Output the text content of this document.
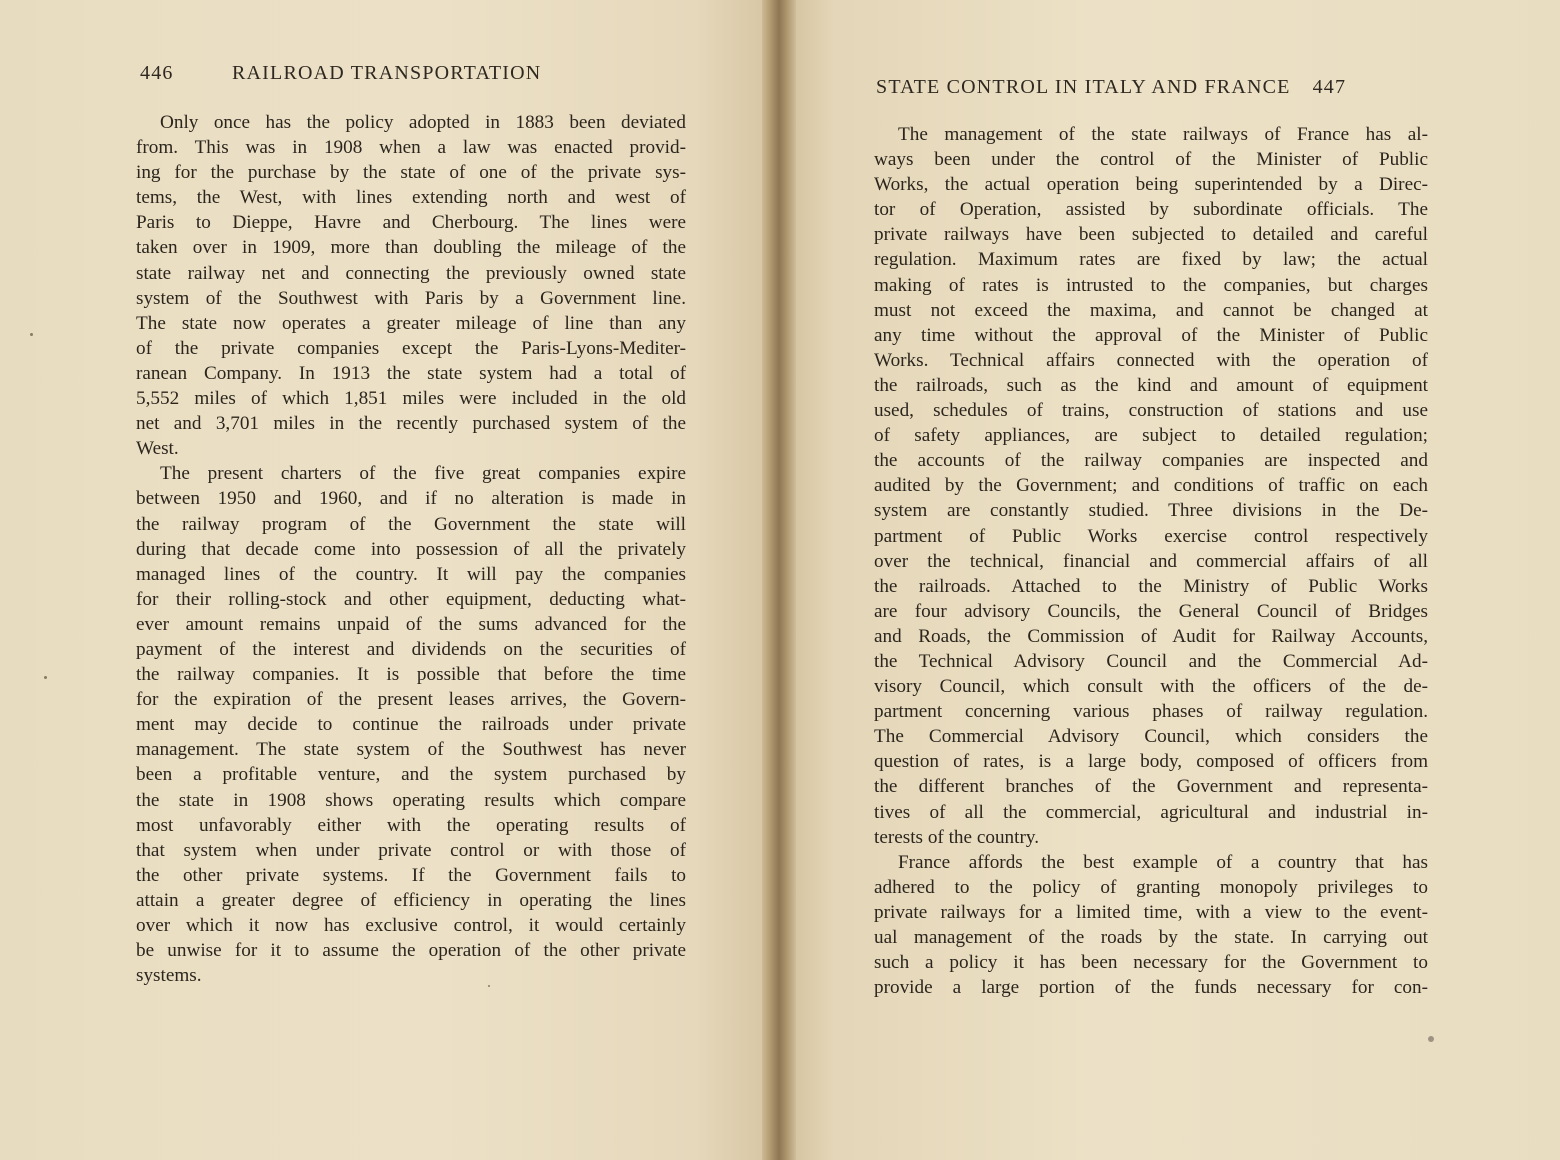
446	RAILROAD TRANSPORTATION
STATE CONTROL IN ITALY AND FRANCE 447
Only once has the policy adopted in 1883 been deviated
from. This was in 1908 when a law was enacted provid-
ing for the purchase by the state of one of the private sys-
tems, the West, with lines extending north and west of
Paris to Dieppe, Havre and Cherbourg. The lines were
taken over in 1909, more than doubling the mileage of the
state railway net and connecting the previously owned state
system of the Southwest with Paris by a Government line.
The state now operates a greater mileage of line than any
of the private companies except the Paris-Lyons-Mediter-
ranean Company. In 1913 the state system had a total of
5,552 miles of which 1,851 miles were included in the old
net and 3,701 miles in the recently purchased system of the
West.
The present charters of the five great companies expire
between 1950 and 1960, and if no alteration is made in
the railway program of the Government the state will
during that decade come into possession of all the privately
managed lines of the country. It will pay the companies
for their rolling-stock and other equipment, deducting what-
ever amount remains unpaid of the sums advanced for the
payment of the interest and dividends on the securities of
the railway companies. It is possible that before the time
for the expiration of the present leases arrives, the Govern-
ment may decide to continue the railroads under private
management. The state system of the Southwest has never
been a profitable venture, and the system purchased by
the state in 1908 shows operating results which compare
most unfavorably either with the operating results of
that system when under private control or with those of
the other private systems. If the Government fails to
attain a greater degree of efficiency in operating the lines
over which it now has exclusive control, it would certainly
be unwise for it to assume the operation of the other private
systems.
The management of the state railways of France has al-
ways been under the control of the Minister of Public
Works, the actual operation being superintended by a Direc-
tor of Operation, assisted by subordinate officials. The
private railways have been subjected to detailed and careful
regulation. Maximum rates are fixed by law; the actual
making of rates is intrusted to the companies, but charges
must not exceed the maxima, and cannot be changed at
any time without the approval of the Minister of Public
Works. Technical affairs connected with the operation of
the railroads, such as the kind and amount of equipment
used, schedules of trains, construction of stations and use
of safety appliances, are subject to detailed regulation;
the accounts of the railway companies are inspected and
audited by the Government; and conditions of traffic on each
system are constantly studied. Three divisions in the De-
partment of Public Works exercise control respectively
over the technical, financial and commercial affairs of all
the railroads. Attached to the Ministry of Public Works
are four advisory Councils, the General Council of Bridges
and Roads, the Commission of Audit for Railway Accounts,
the Technical Advisory Council and the Commercial Ad-
visory Council, which consult with the officers of the de-
partment concerning various phases of railway regulation.
The Commercial Advisory Council, which considers the
question of rates, is a large body, composed of officers from
the different branches of the Government and representa-
tives of all the commercial, agricultural and industrial in-
terests of the country.
France affords the best example of a country that has
adhered to the policy of granting monopoly privileges to
private railways for a limited time, with a view to the event-
ual management of the roads by the state. In carrying out
such a policy it has been necessary for the Government to
provide a large portion of the funds necessary for con-
